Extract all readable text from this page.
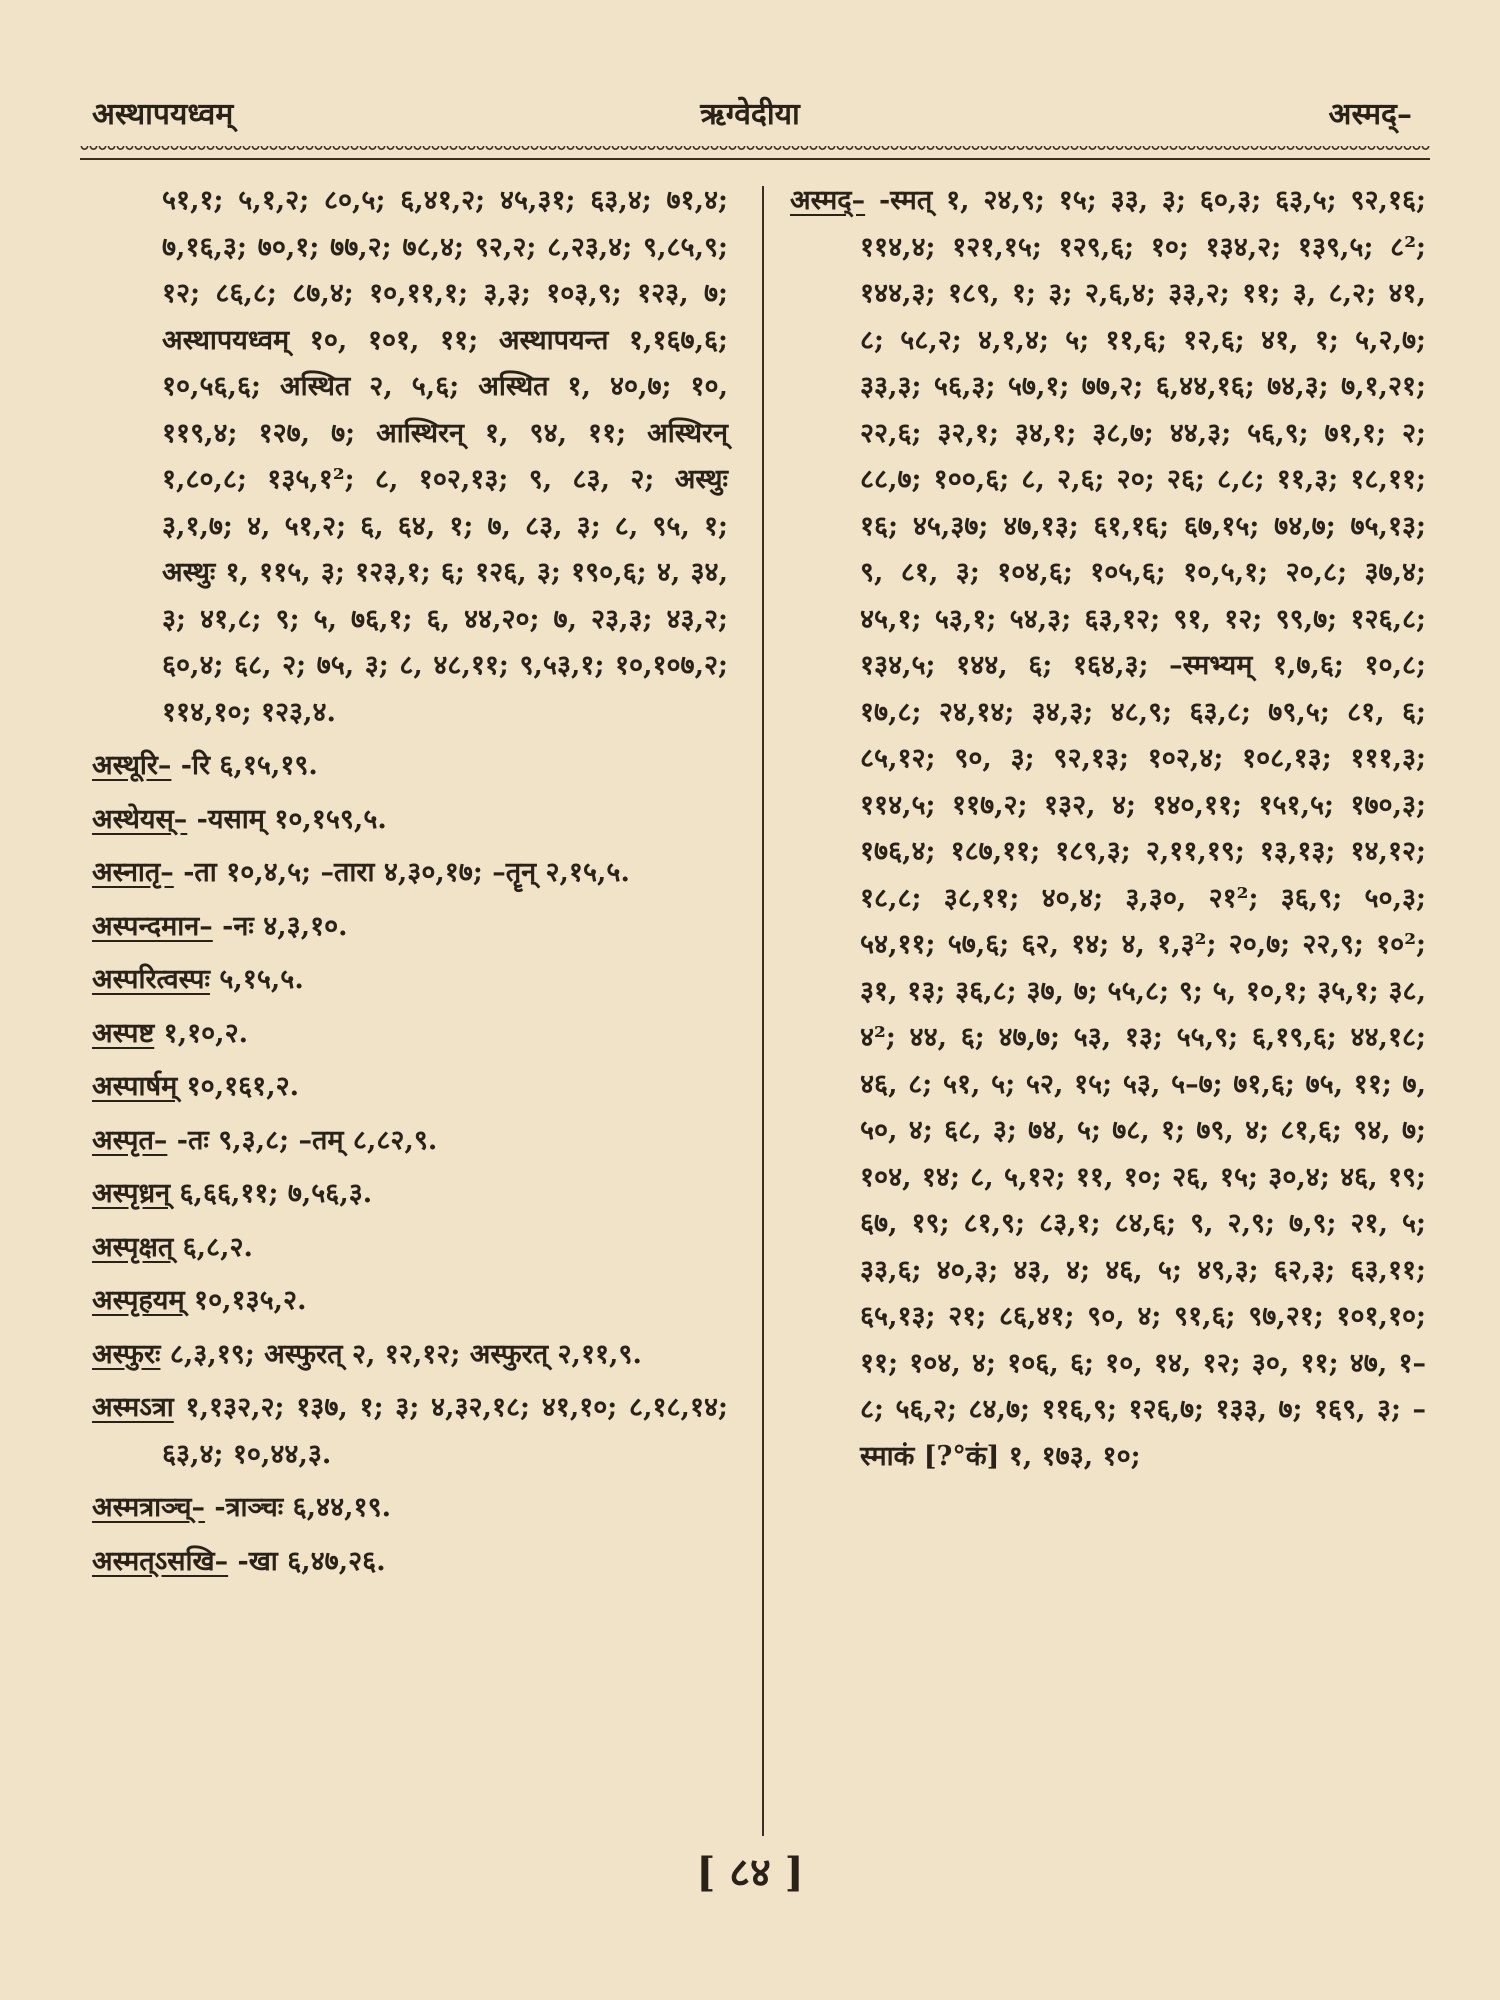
अस्थापयध्वम्	ऋग्वेदीया	अस्मद्–
५१,१; ५,१,२; ८०,५; ६,४१,२; ४५,३१; ६३,४; ७१,४; ७,१६,३; ७०,१; ७७,२; ७८,४; ९२,२; ८,२३,४; ९,८५,९; १२; ८६,८; ८७,४; १०,११,१; ३,३; १०३,९; १२३, ७; अस्थापयध्वम् १०, १०१, ११; अस्थापयन्त १,१६७,६; १०,५६,६; अस्थित २, ५,६; अस्थित १, ४०,७; १०, ११९,४; १२७, ७; आस्थिरन् १, ९४, ११; अस्थिरन् १,८०,८; १३५,१²; ८, १०२,१३; ९, ८३, २; अस्थुः ३,१,७; ४, ५१,२; ६, ६४, १; ७, ८३, ३; ८, ९५, १; अस्थुः १, ११५, ३; १२३,१; ६; १२६, ३; १९०,६; ४, ३४, ३; ४१,८; ९; ५, ७६,१; ६, ४४,२०; ७, २३,३; ४३,२; ६०,४; ६८, २; ७५, ३; ८, ४८,११; ९,५३,१; १०,१०७,२; ११४,१०; १२३,४.
अस्थूरि– -रि ६,१५,१९.
अस्थेयस्– -यसाम् १०,१५९,५.
अस्नातृ– -ता १०,४,५; –तारा ४,३०,१७; –तॄन् २,१५,५.
अस्पन्दमान– -नः ४,३,१०.
अस्परित्वस्पः ५,१५,५.
अस्पष्ट १,१०,२.
अस्पार्षम् १०,१६१,२.
अस्पृत– -तः ९,३,८; –तम् ८,८२,९.
अस्पृध्रन् ६,६६,११; ७,५६,३.
अस्पृक्षत् ६,८,२.
अस्पृहयम् १०,१३५,२.
अस्फुरः ८,३,१९; अस्फुरत् २, १२,१२; अस्फुरत् २,११,९.
अस्मऽत्रा १,१३२,२; १३७, १; ३; ४,३२,१८; ४१,१०; ८,१८,१४; ६३,४; १०,४४,३.
अस्मत्राञ्च्– -त्राञ्चः ६,४४,१९.
अस्मत्ऽसखि– -खा ६,४७,२६.
अस्मद्– -स्मत् १, २४,९; १५; ३३, ३; ६०,३; ६३,५; ९२,१६; ११४,४; १२१,१५; १२९,६; १०; १३४,२; १३९,५; ८²; १४४,३; १८९, १; ३; २,६,४; ३३,२; ११; ३, ८,२; ४१, ८; ५८,२; ४,१,४; ५; ११,६; १२,६; ४१, १; ५,२,७; ३३,३; ५६,३; ५७,१; ७७,२; ६,४४,१६; ७४,३; ७,१,२१; २२,६; ३२,१; ३४,१; ३८,७; ४४,३; ५६,९; ७१,१; २; ८८,७; १००,६; ८, २,६; २०; २६; ८,८; ११,३; १८,११; १६; ४५,३७; ४७,१३; ६१,१६; ६७,१५; ७४,७; ७५,१३; ९, ८१, ३; १०४,६; १०५,६; १०,५,१; २०,८; ३७,४; ४५,१; ५३,१; ५४,३; ६३,१२; ९१, १२; ९९,७; १२६,८; १३४,५; १४४, ६; १६४,३; –स्मभ्यम् १,७,६; १०,८; १७,८; २४,१४; ३४,३; ४८,९; ६३,८; ७९,५; ८१, ६; ८५,१२; ९०, ३; ९२,१३; १०२,४; १०८,१३; १११,३; ११४,५; ११७,२; १३२, ४; १४०,११; १५१,५; १७०,३; १७६,४; १८७,११; १८९,३; २,११,१९; १३,१३; १४,१२; १८,८; ३८,११; ४०,४; ३,३०, २१²; ३६,९; ५०,३; ५४,११; ५७,६; ६२, १४; ४, १,३²; २०,७; २२,९; १०²; ३१, १३; ३६,८; ३७, ७; ५५,८; ९; ५, १०,१; ३५,१; ३८, ४²; ४४, ६; ४७,७; ५३, १३; ५५,९; ६,१९,६; ४४,१८; ४६, ८; ५१, ५; ५२, १५; ५३, ५–७; ७१,६; ७५, ११; ७, ५०, ४; ६८, ३; ७४, ५; ७८, १; ७९, ४; ८१,६; ९४, ७; १०४, १४; ८, ५,१२; ११, १०; २६, १५; ३०,४; ४६, १९; ६७, १९; ८१,९; ८३,१; ८४,६; ९, २,९; ७,९; २१, ५; ३३,६; ४०,३; ४३, ४; ४६, ५; ४९,३; ६२,३; ६३,११; ६५,१३; २१; ८६,४१; ९०, ४; ९१,६; ९७,२१; १०१,१०; ११; १०४, ४; १०६, ६; १०, १४, १२; ३०, ११; ४७, १–८; ५६,२; ८४,७; ११६,९; १२६,७; १३३, ७; १६९, ३; –स्माकं [?°कं] १, १७३, १०;
[ ८४ ]
